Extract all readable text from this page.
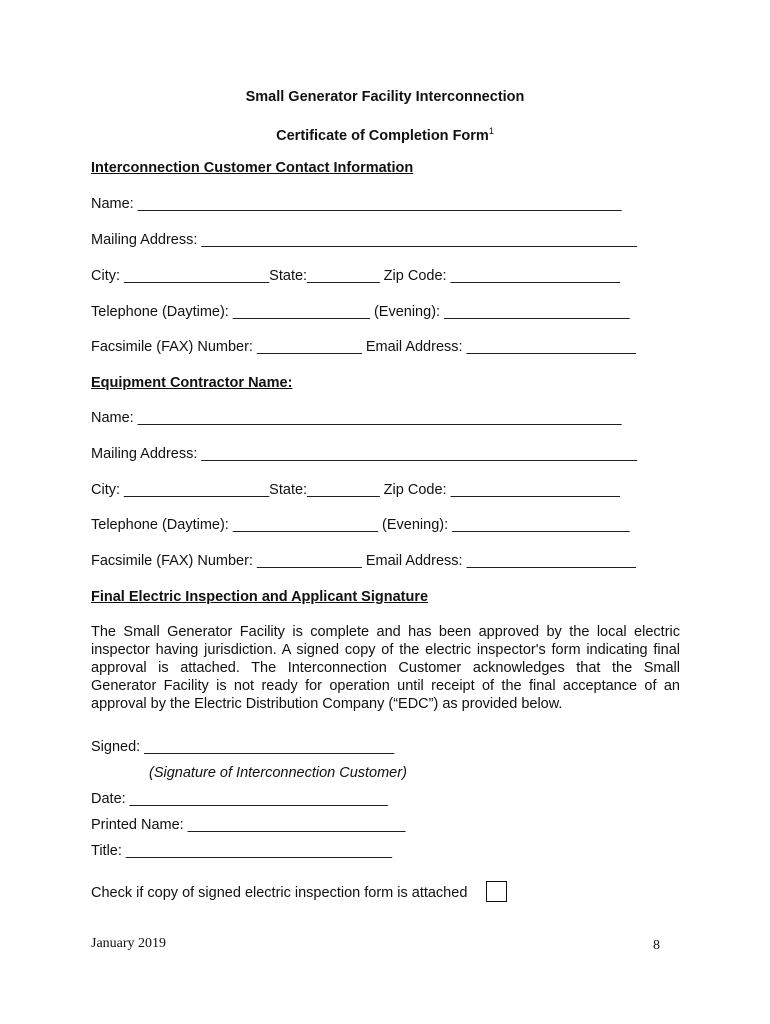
Small Generator Facility Interconnection
Certificate of Completion Form$^1$
Interconnection Customer Contact Information
Name: ____________________________________________________________
Mailing Address: ______________________________________________________
City: __________________State:_________ Zip Code: _____________________
Telephone (Daytime): _________________ (Evening): _______________________
Facsimile (FAX) Number: _____________ Email Address: _____________________
Equipment Contractor Name:
Name: ____________________________________________________________
Mailing Address: ______________________________________________________
City: __________________State:_________ Zip Code: _____________________
Telephone (Daytime): __________________ (Evening): ______________________
Facsimile (FAX) Number: _____________ Email Address: _____________________
Final Electric Inspection and Applicant Signature
The Small Generator Facility is complete and has been approved by the local electric inspector having jurisdiction. A signed copy of the electric inspector's form indicating final approval is attached. The Interconnection Customer acknowledges that the Small Generator Facility is not ready for operation until receipt of the final acceptance of an approval by the Electric Distribution Company (“EDC”) as provided below.
Signed: _______________________________
(Signature of Interconnection Customer)
Date: ________________________________
Printed Name: ___________________________
Title: _________________________________
Check if copy of signed electric inspection form is attached
January 2019	8
